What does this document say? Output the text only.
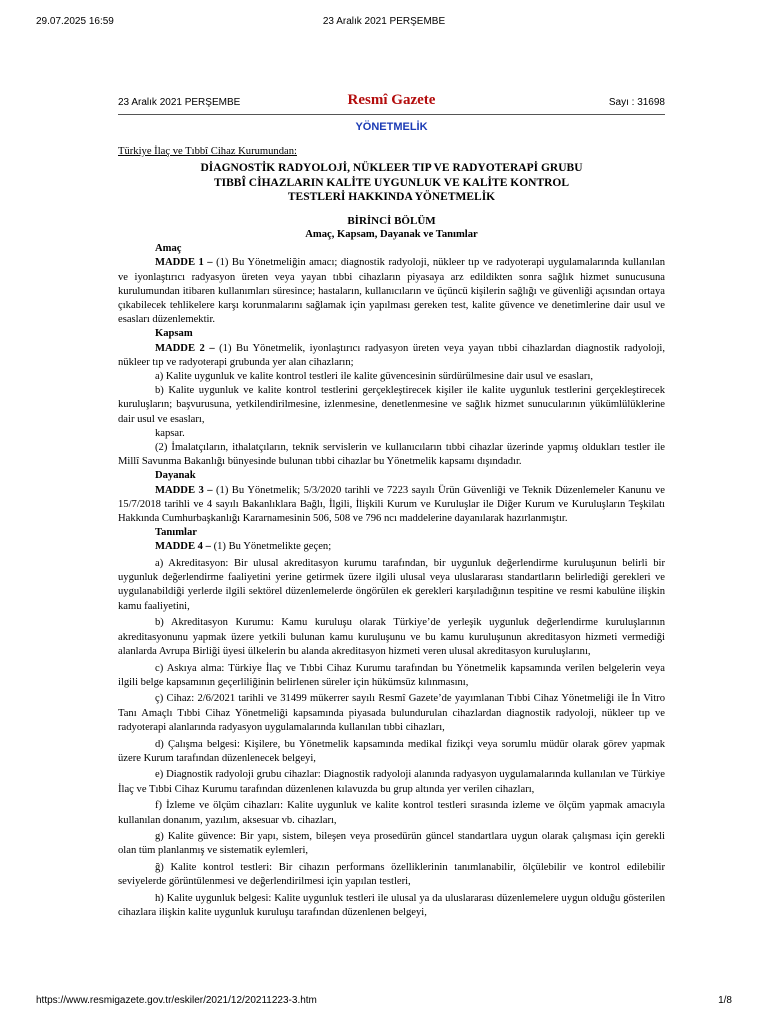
29.07.2025 16:59	23 Aralık 2021 PERŞEMBE
23 Aralık 2021 PERŞEMBE	Resmî Gazete	Sayı : 31698
YÖNETMELİK

Türkiye İlaç ve Tıbbî Cihaz Kurumundan:

DİAGNOSTİK RADYOLOJİ, NÜKLEER TIP VE RADYOTERAPİ GRUBU
TIBBÎ CİHAZLARIN KALİTE UYGUNLUK VE KALİTE KONTROL
TESTLERİ HAKKINDA YÖNETMELİK
BİRİNCİ BÖLÜM
Amaç, Kapsam, Dayanak ve Tanımlar

Amaç

MADDE 1 – (1) Bu Yönetmeliğin amacı; diagnostik radyoloji, nükleer tıp ve radyoterapi uygulamalarında kullanılan ve iyonlaştırıcı radyasyon üreten veya yayan tıbbi cihazların piyasaya arz edildikten sonra sağlık hizmet sunucusuna kurulumundan itibaren kullanımları süresince; hastaların, kullanıcıların ve üçüncü kişilerin sağlığı ve güvenliği açısından ortaya çıkabilecek tehlikelere karşı korunmalarını sağlamak için yapılması gereken test, kalite güvence ve denetimlerine dair usul ve esasları düzenlemektir.

Kapsam

MADDE 2 – (1) Bu Yönetmelik, iyonlaştırıcı radyasyon üreten veya yayan tıbbi cihazlardan diagnostik radyoloji, nükleer tıp ve radyoterapi grubunda yer alan cihazların;

a) Kalite uygunluk ve kalite kontrol testleri ile kalite güvencesinin sürdürülmesine dair usul ve esasları,

b) Kalite uygunluk ve kalite kontrol testlerini gerçekleştirecek kişiler ile kalite uygunluk testlerini gerçekleştirecek kuruluşların; başvurusuna, yetkilendirilmesine, izlenmesine, denetlenmesine ve sağlık hizmet sunucularının yükümlülüklerine dair usul ve esasları,

kapsar.

(2) İmalatçıların, ithalatçıların, teknik servislerin ve kullanıcıların tıbbi cihazlar üzerinde yapmış oldukları testler ile Millî Savunma Bakanlığı bünyesinde bulunan tıbbi cihazlar bu Yönetmelik kapsamı dışındadır.

Dayanak

MADDE 3 – (1) Bu Yönetmelik; 5/3/2020 tarihli ve 7223 sayılı Ürün Güvenliği ve Teknik Düzenlemeler Kanunu ve 15/7/2018 tarihli ve 4 sayılı Bakanlıklara Bağlı, İlgili, İlişkili Kurum ve Kuruluşlar ile Diğer Kurum ve Kuruluşların Teşkilatı Hakkında Cumhurbaşkanlığı Kararnamesinin 506, 508 ve 796 ncı maddelerine dayanılarak hazırlanmıştır.

Tanımlar

MADDE 4 – (1) Bu Yönetmelikte geçen;

a) Akreditasyon: Bir ulusal akreditasyon kurumu tarafından, bir uygunluk değerlendirme kuruluşunun belirli bir uygunluk değerlendirme faaliyetini yerine getirmek üzere ilgili ulusal veya uluslararası standartların belirlediği gerekleri ve uygulanabildiği yerlerde ilgili sektörel düzenlemelerde öngörülen ek gerekleri karşıladığının tespitine ve resmi kabulüne ilişkin kamu faaliyetini,

b) Akreditasyon Kurumu: Kamu kuruluşu olarak Türkiye’de yerleşik uygunluk değerlendirme kuruluşlarının akreditasyonunu yapmak üzere yetkili bulunan kamu kuruluşunu ve bu kamu kuruluşunun akreditasyon hizmeti vermediği alanlarda Avrupa Birliği üyesi ülkelerin bu alanda akreditasyon hizmeti veren ulusal akreditasyon kuruluşlarını,

c) Askıya alma: Türkiye İlaç ve Tıbbi Cihaz Kurumu tarafından bu Yönetmelik kapsamında verilen belgelerin veya ilgili belge kapsamının geçerliliğinin belirlenen süreler için hükümsüz kılınmasını,

ç) Cihaz: 2/6/2021 tarihli ve 31499 mükerrer sayılı Resmî Gazete’de yayımlanan Tıbbi Cihaz Yönetmeliği ile İn Vitro Tanı Amaçlı Tıbbi Cihaz Yönetmeliği kapsamında piyasada bulundurulan cihazlardan diagnostik radyoloji, nükleer tıp ve radyoterapi alanlarında radyasyon uygulamalarında kullanılan tıbbi cihazları,

d) Çalışma belgesi: Kişilere, bu Yönetmelik kapsamında medikal fizikçi veya sorumlu müdür olarak görev yapmak üzere Kurum tarafından düzenlenecek belgeyi,

e) Diagnostik radyoloji grubu cihazlar: Diagnostik radyoloji alanında radyasyon uygulamalarında kullanılan ve Türkiye İlaç ve Tıbbi Cihaz Kurumu tarafından düzenlenen kılavuzda bu grup altında yer verilen cihazları,

f) İzleme ve ölçüm cihazları: Kalite uygunluk ve kalite kontrol testleri sırasında izleme ve ölçüm yapmak amacıyla kullanılan donanım, yazılım, aksesuar vb. cihazları,

g) Kalite güvence: Bir yapı, sistem, bileşen veya prosedürün güncel standartlara uygun olarak çalışması için gerekli olan tüm planlanmış ve sistematik eylemleri,

ğ) Kalite kontrol testleri: Bir cihazın performans özelliklerinin tanımlanabilir, ölçülebilir ve kontrol edilebilir seviyelerde görüntülenmesi ve değerlendirilmesi için yapılan testleri,

h) Kalite uygunluk belgesi: Kalite uygunluk testleri ile ulusal ya da uluslararası düzenlemelere uygun olduğu gösterilen cihazlara ilişkin kalite uygunluk kuruluşu tarafından düzenlenen belgeyi,

https://www.resmigazete.gov.tr/eskiler/2021/12/20211223-3.htm	1/8
